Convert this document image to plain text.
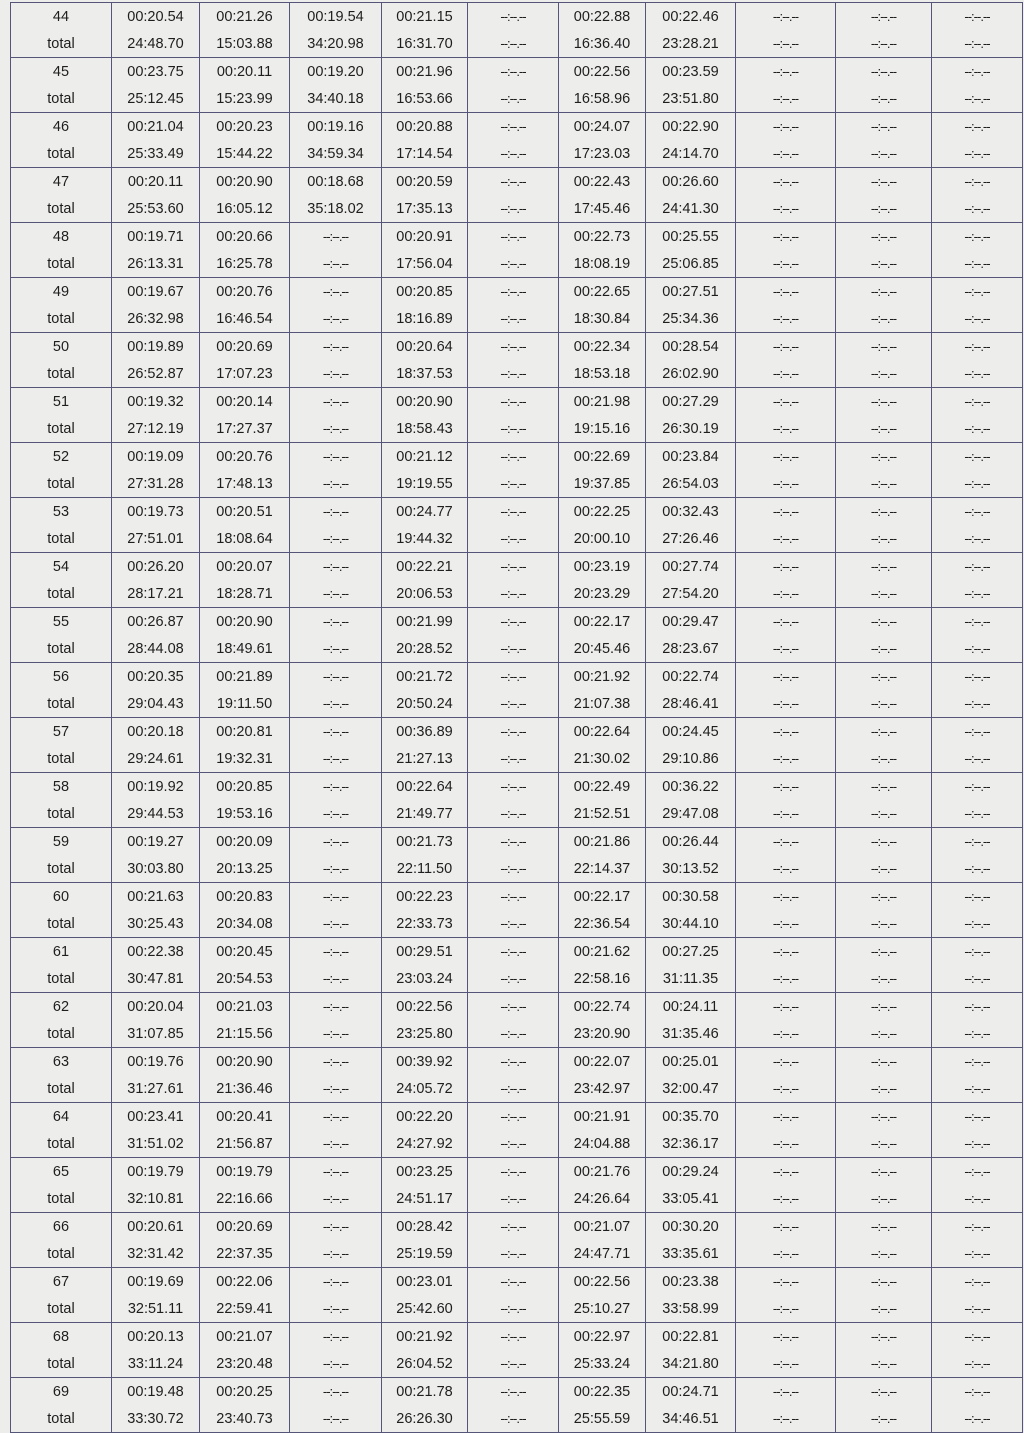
44	00:20.54	00:21.26	00:19.54	00:21.15	--:--.--	00:22.88	00:22.46	--:--.--	--:--.--	--:--.--
total	24:48.70	15:03.88	34:20.98	16:31.70	--:--.--	16:36.40	23:28.21	--:--.--	--:--.--	--:--.--
45	00:23.75	00:20.11	00:19.20	00:21.96	--:--.--	00:22.56	00:23.59	--:--.--	--:--.--	--:--.--
total	25:12.45	15:23.99	34:40.18	16:53.66	--:--.--	16:58.96	23:51.80	--:--.--	--:--.--	--:--.--
46	00:21.04	00:20.23	00:19.16	00:20.88	--:--.--	00:24.07	00:22.90	--:--.--	--:--.--	--:--.--
total	25:33.49	15:44.22	34:59.34	17:14.54	--:--.--	17:23.03	24:14.70	--:--.--	--:--.--	--:--.--
47	00:20.11	00:20.90	00:18.68	00:20.59	--:--.--	00:22.43	00:26.60	--:--.--	--:--.--	--:--.--
total	25:53.60	16:05.12	35:18.02	17:35.13	--:--.--	17:45.46	24:41.30	--:--.--	--:--.--	--:--.--
48	00:19.71	00:20.66	--:--.--	00:20.91	--:--.--	00:22.73	00:25.55	--:--.--	--:--.--	--:--.--
total	26:13.31	16:25.78	--:--.--	17:56.04	--:--.--	18:08.19	25:06.85	--:--.--	--:--.--	--:--.--
49	00:19.67	00:20.76	--:--.--	00:20.85	--:--.--	00:22.65	00:27.51	--:--.--	--:--.--	--:--.--
total	26:32.98	16:46.54	--:--.--	18:16.89	--:--.--	18:30.84	25:34.36	--:--.--	--:--.--	--:--.--
50	00:19.89	00:20.69	--:--.--	00:20.64	--:--.--	00:22.34	00:28.54	--:--.--	--:--.--	--:--.--
total	26:52.87	17:07.23	--:--.--	18:37.53	--:--.--	18:53.18	26:02.90	--:--.--	--:--.--	--:--.--
51	00:19.32	00:20.14	--:--.--	00:20.90	--:--.--	00:21.98	00:27.29	--:--.--	--:--.--	--:--.--
total	27:12.19	17:27.37	--:--.--	18:58.43	--:--.--	19:15.16	26:30.19	--:--.--	--:--.--	--:--.--
52	00:19.09	00:20.76	--:--.--	00:21.12	--:--.--	00:22.69	00:23.84	--:--.--	--:--.--	--:--.--
total	27:31.28	17:48.13	--:--.--	19:19.55	--:--.--	19:37.85	26:54.03	--:--.--	--:--.--	--:--.--
53	00:19.73	00:20.51	--:--.--	00:24.77	--:--.--	00:22.25	00:32.43	--:--.--	--:--.--	--:--.--
total	27:51.01	18:08.64	--:--.--	19:44.32	--:--.--	20:00.10	27:26.46	--:--.--	--:--.--	--:--.--
54	00:26.20	00:20.07	--:--.--	00:22.21	--:--.--	00:23.19	00:27.74	--:--.--	--:--.--	--:--.--
total	28:17.21	18:28.71	--:--.--	20:06.53	--:--.--	20:23.29	27:54.20	--:--.--	--:--.--	--:--.--
55	00:26.87	00:20.90	--:--.--	00:21.99	--:--.--	00:22.17	00:29.47	--:--.--	--:--.--	--:--.--
total	28:44.08	18:49.61	--:--.--	20:28.52	--:--.--	20:45.46	28:23.67	--:--.--	--:--.--	--:--.--
56	00:20.35	00:21.89	--:--.--	00:21.72	--:--.--	00:21.92	00:22.74	--:--.--	--:--.--	--:--.--
total	29:04.43	19:11.50	--:--.--	20:50.24	--:--.--	21:07.38	28:46.41	--:--.--	--:--.--	--:--.--
57	00:20.18	00:20.81	--:--.--	00:36.89	--:--.--	00:22.64	00:24.45	--:--.--	--:--.--	--:--.--
total	29:24.61	19:32.31	--:--.--	21:27.13	--:--.--	21:30.02	29:10.86	--:--.--	--:--.--	--:--.--
58	00:19.92	00:20.85	--:--.--	00:22.64	--:--.--	00:22.49	00:36.22	--:--.--	--:--.--	--:--.--
total	29:44.53	19:53.16	--:--.--	21:49.77	--:--.--	21:52.51	29:47.08	--:--.--	--:--.--	--:--.--
59	00:19.27	00:20.09	--:--.--	00:21.73	--:--.--	00:21.86	00:26.44	--:--.--	--:--.--	--:--.--
total	30:03.80	20:13.25	--:--.--	22:11.50	--:--.--	22:14.37	30:13.52	--:--.--	--:--.--	--:--.--
60	00:21.63	00:20.83	--:--.--	00:22.23	--:--.--	00:22.17	00:30.58	--:--.--	--:--.--	--:--.--
total	30:25.43	20:34.08	--:--.--	22:33.73	--:--.--	22:36.54	30:44.10	--:--.--	--:--.--	--:--.--
61	00:22.38	00:20.45	--:--.--	00:29.51	--:--.--	00:21.62	00:27.25	--:--.--	--:--.--	--:--.--
total	30:47.81	20:54.53	--:--.--	23:03.24	--:--.--	22:58.16	31:11.35	--:--.--	--:--.--	--:--.--
62	00:20.04	00:21.03	--:--.--	00:22.56	--:--.--	00:22.74	00:24.11	--:--.--	--:--.--	--:--.--
total	31:07.85	21:15.56	--:--.--	23:25.80	--:--.--	23:20.90	31:35.46	--:--.--	--:--.--	--:--.--
63	00:19.76	00:20.90	--:--.--	00:39.92	--:--.--	00:22.07	00:25.01	--:--.--	--:--.--	--:--.--
total	31:27.61	21:36.46	--:--.--	24:05.72	--:--.--	23:42.97	32:00.47	--:--.--	--:--.--	--:--.--
64	00:23.41	00:20.41	--:--.--	00:22.20	--:--.--	00:21.91	00:35.70	--:--.--	--:--.--	--:--.--
total	31:51.02	21:56.87	--:--.--	24:27.92	--:--.--	24:04.88	32:36.17	--:--.--	--:--.--	--:--.--
65	00:19.79	00:19.79	--:--.--	00:23.25	--:--.--	00:21.76	00:29.24	--:--.--	--:--.--	--:--.--
total	32:10.81	22:16.66	--:--.--	24:51.17	--:--.--	24:26.64	33:05.41	--:--.--	--:--.--	--:--.--
66	00:20.61	00:20.69	--:--.--	00:28.42	--:--.--	00:21.07	00:30.20	--:--.--	--:--.--	--:--.--
total	32:31.42	22:37.35	--:--.--	25:19.59	--:--.--	24:47.71	33:35.61	--:--.--	--:--.--	--:--.--
67	00:19.69	00:22.06	--:--.--	00:23.01	--:--.--	00:22.56	00:23.38	--:--.--	--:--.--	--:--.--
total	32:51.11	22:59.41	--:--.--	25:42.60	--:--.--	25:10.27	33:58.99	--:--.--	--:--.--	--:--.--
68	00:20.13	00:21.07	--:--.--	00:21.92	--:--.--	00:22.97	00:22.81	--:--.--	--:--.--	--:--.--
total	33:11.24	23:20.48	--:--.--	26:04.52	--:--.--	25:33.24	34:21.80	--:--.--	--:--.--	--:--.--
69	00:19.48	00:20.25	--:--.--	00:21.78	--:--.--	00:22.35	00:24.71	--:--.--	--:--.--	--:--.--
total	33:30.72	23:40.73	--:--.--	26:26.30	--:--.--	25:55.59	34:46.51	--:--.--	--:--.--	--:--.--
